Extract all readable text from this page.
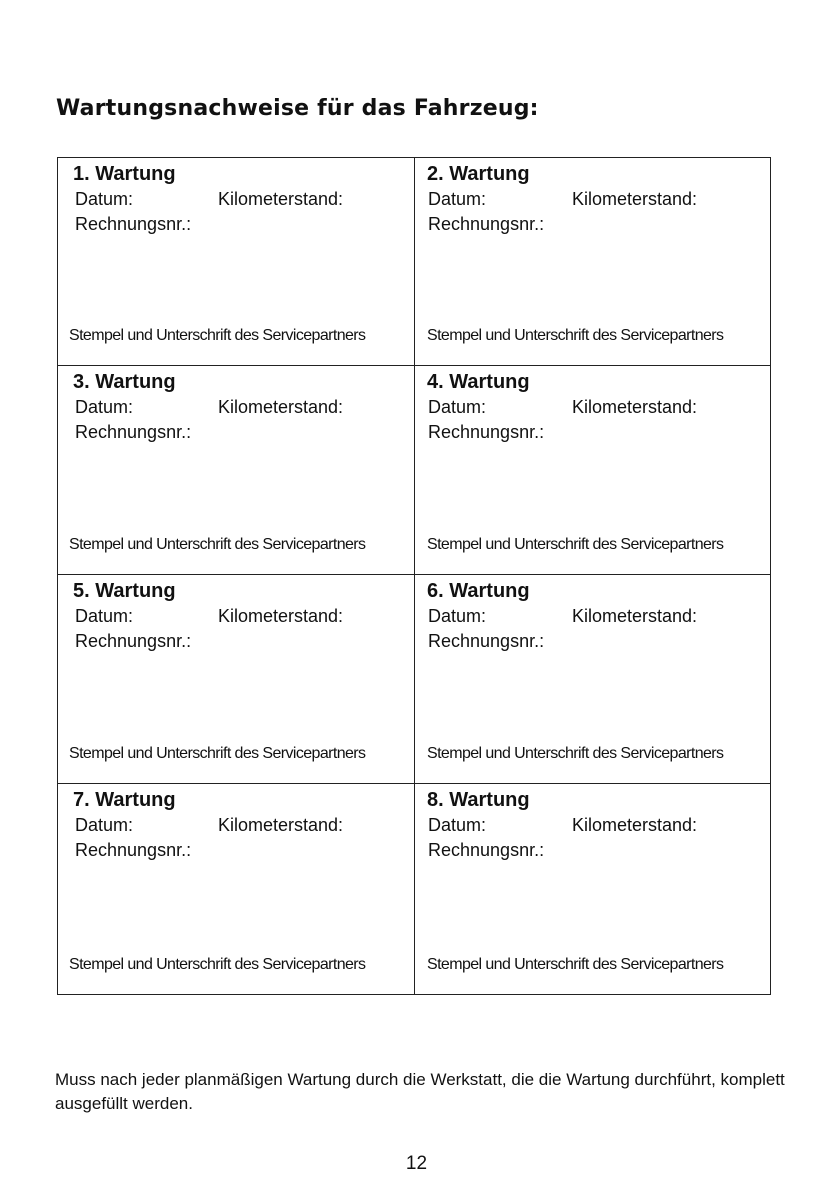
Wartungsnachweise für das Fahrzeug:
1. Wartung
Datum:	Kilometerstand:
Rechnungsnr.:
Stempel und Unterschrift des Servicepartners
2. Wartung
Datum:	Kilometerstand:
Rechnungsnr.:
Stempel und Unterschrift des Servicepartners
3. Wartung
Datum:	Kilometerstand:
Rechnungsnr.:
Stempel und Unterschrift des Servicepartners
4. Wartung
Datum:	Kilometerstand:
Rechnungsnr.:
Stempel und Unterschrift des Servicepartners
5. Wartung
Datum:	Kilometerstand:
Rechnungsnr.:
Stempel und Unterschrift des Servicepartners
6. Wartung
Datum:	Kilometerstand:
Rechnungsnr.:
Stempel und Unterschrift des Servicepartners
7. Wartung
Datum:	Kilometerstand:
Rechnungsnr.:
Stempel und Unterschrift des Servicepartners
8. Wartung
Datum:	Kilometerstand:
Rechnungsnr.:
Stempel und Unterschrift des Servicepartners

Muss nach jeder planmäßigen Wartung durch die Werkstatt, die die Wartung durchführt, komplett ausgefüllt werden.

12
